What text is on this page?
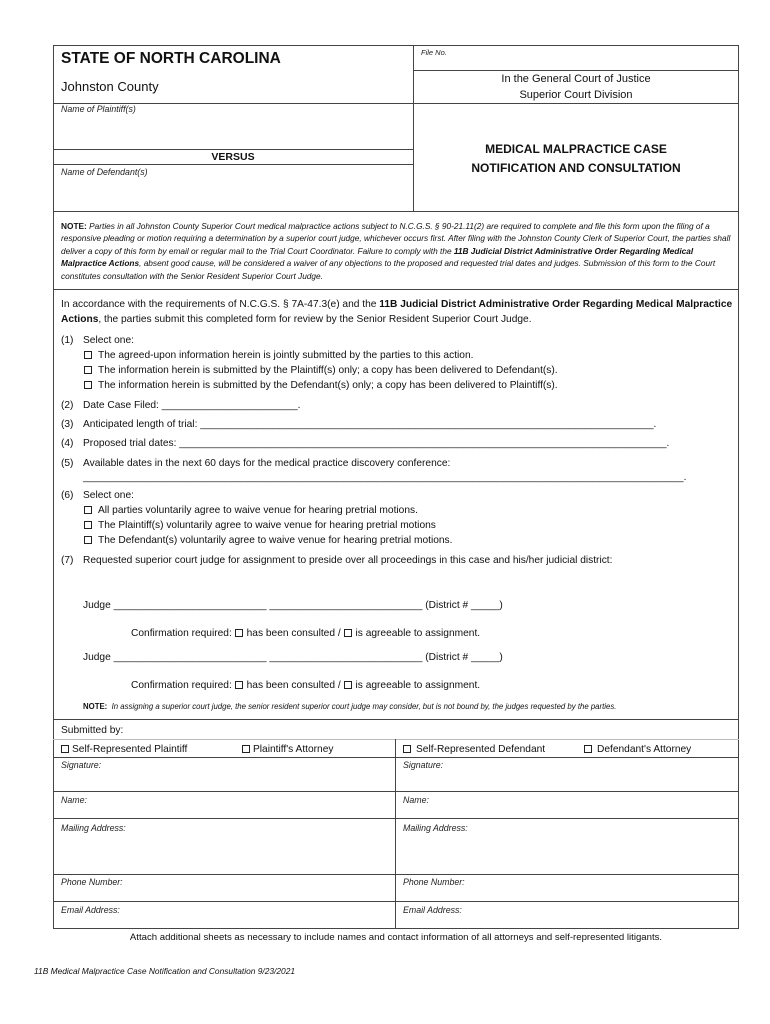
STATE OF NORTH CAROLINA
Johnston County
File No.
In the General Court of Justice
Superior Court Division
Name of Plaintiff(s)
VERSUS
Name of Defendant(s)
MEDICAL MALPRACTICE CASE
NOTIFICATION AND CONSULTATION
NOTE: Parties in all Johnston County Superior Court medical malpractice actions subject to N.C.G.S. § 90-21.11(2) are required to complete and file this form upon the filing of a responsive pleading or motion requiring a determination by a superior court judge, whichever occurs first. After filing with the Johnston County Clerk of Superior Court, the parties shall deliver a copy of this form by email or regular mail to the Trial Court Coordinator. Failure to comply with the 11B Judicial District Administrative Order Regarding Medical Malpractice Actions, absent good cause, will be considered a waiver of any objections to the proposed and requested trial dates and judges. Submission of this form to the Court constitutes consultation with the Senior Resident Superior Court Judge.
In accordance with the requirements of N.C.G.S. § 7A-47.3(e) and the 11B Judicial District Administrative Order Regarding Medical Malpractice Actions, the parties submit this completed form for review by the Senior Resident Superior Court Judge.
(1) Select one:
The agreed-upon information herein is jointly submitted by the parties to this action.
The information herein is submitted by the Plaintiff(s) only; a copy has been delivered to Defendant(s).
The information herein is submitted by the Defendant(s) only; a copy has been delivered to Plaintiff(s).
(2) Date Case Filed: ________________________.
(3) Anticipated length of trial: ________________________________________________________________________________.
(4) Proposed trial dates: ______________________________________________________________________________________.
(5) Available dates in the next 60 days for the medical practice discovery conference:
__________________________________________________________________________________________________________.
(6) Select one:
All parties voluntarily agree to waive venue for hearing pretrial motions.
The Plaintiff(s) voluntarily agree to waive venue for hearing pretrial motions
The Defendant(s) voluntarily agree to waive venue for hearing pretrial motions.
(7) Requested superior court judge for assignment to preside over all proceedings in this case and his/her judicial district:
Judge ___________________________ ___________________________ (District # _____)
Confirmation required: has been consulted / is agreeable to assignment.
Judge ___________________________ ___________________________ (District # _____)
Confirmation required: has been consulted / is agreeable to assignment.
NOTE: In assigning a superior court judge, the senior resident superior court judge may consider, but is not bound by, the judges requested by the parties.
Submitted by:
Self-Represented Plaintiff	Plaintiff's Attorney	Self-Represented Defendant	Defendant's Attorney
Signature:	Signature:
Name:	Name:
Mailing Address:	Mailing Address:
Phone Number:	Phone Number:
Email Address:	Email Address:
Attach additional sheets as necessary to include names and contact information of all attorneys and self-represented litigants.
11B Medical Malpractice Case Notification and Consultation 9/23/2021
